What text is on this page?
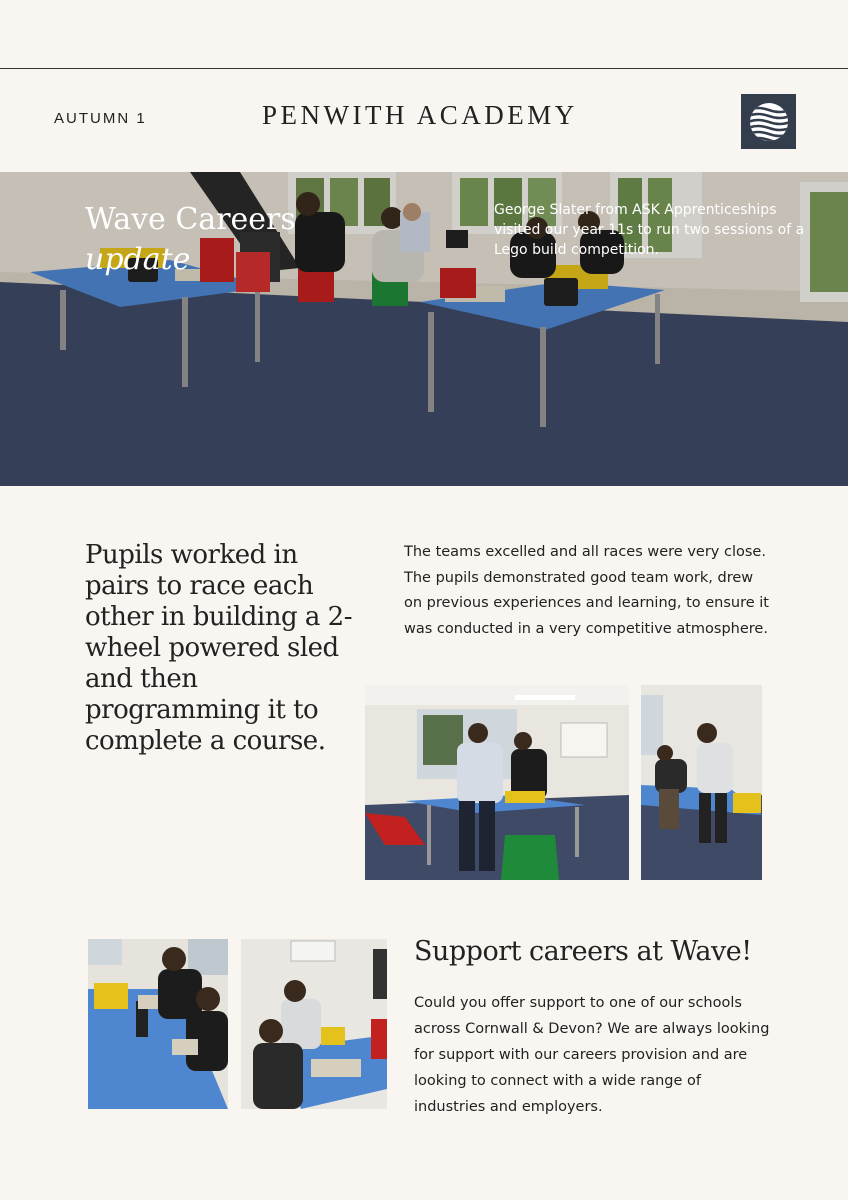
AUTUMN 1	PENWITH ACADEMY
Wave Careers
update
George Slater from ASK Apprenticeships visited our year 11s to run two sessions of a Lego build competition.
Pupils worked in pairs to race each other in building a 2-wheel powered sled and then programming it to complete a course.
The teams excelled and all races were very close. The pupils demonstrated good team work, drew on previous experiences and learning, to ensure it was conducted in a very competitive atmosphere.
Support careers at Wave!
Could you offer support to one of our schools across Cornwall & Devon? We are always looking for support with our careers provision and are looking to connect with a wide range of industries and employers.
